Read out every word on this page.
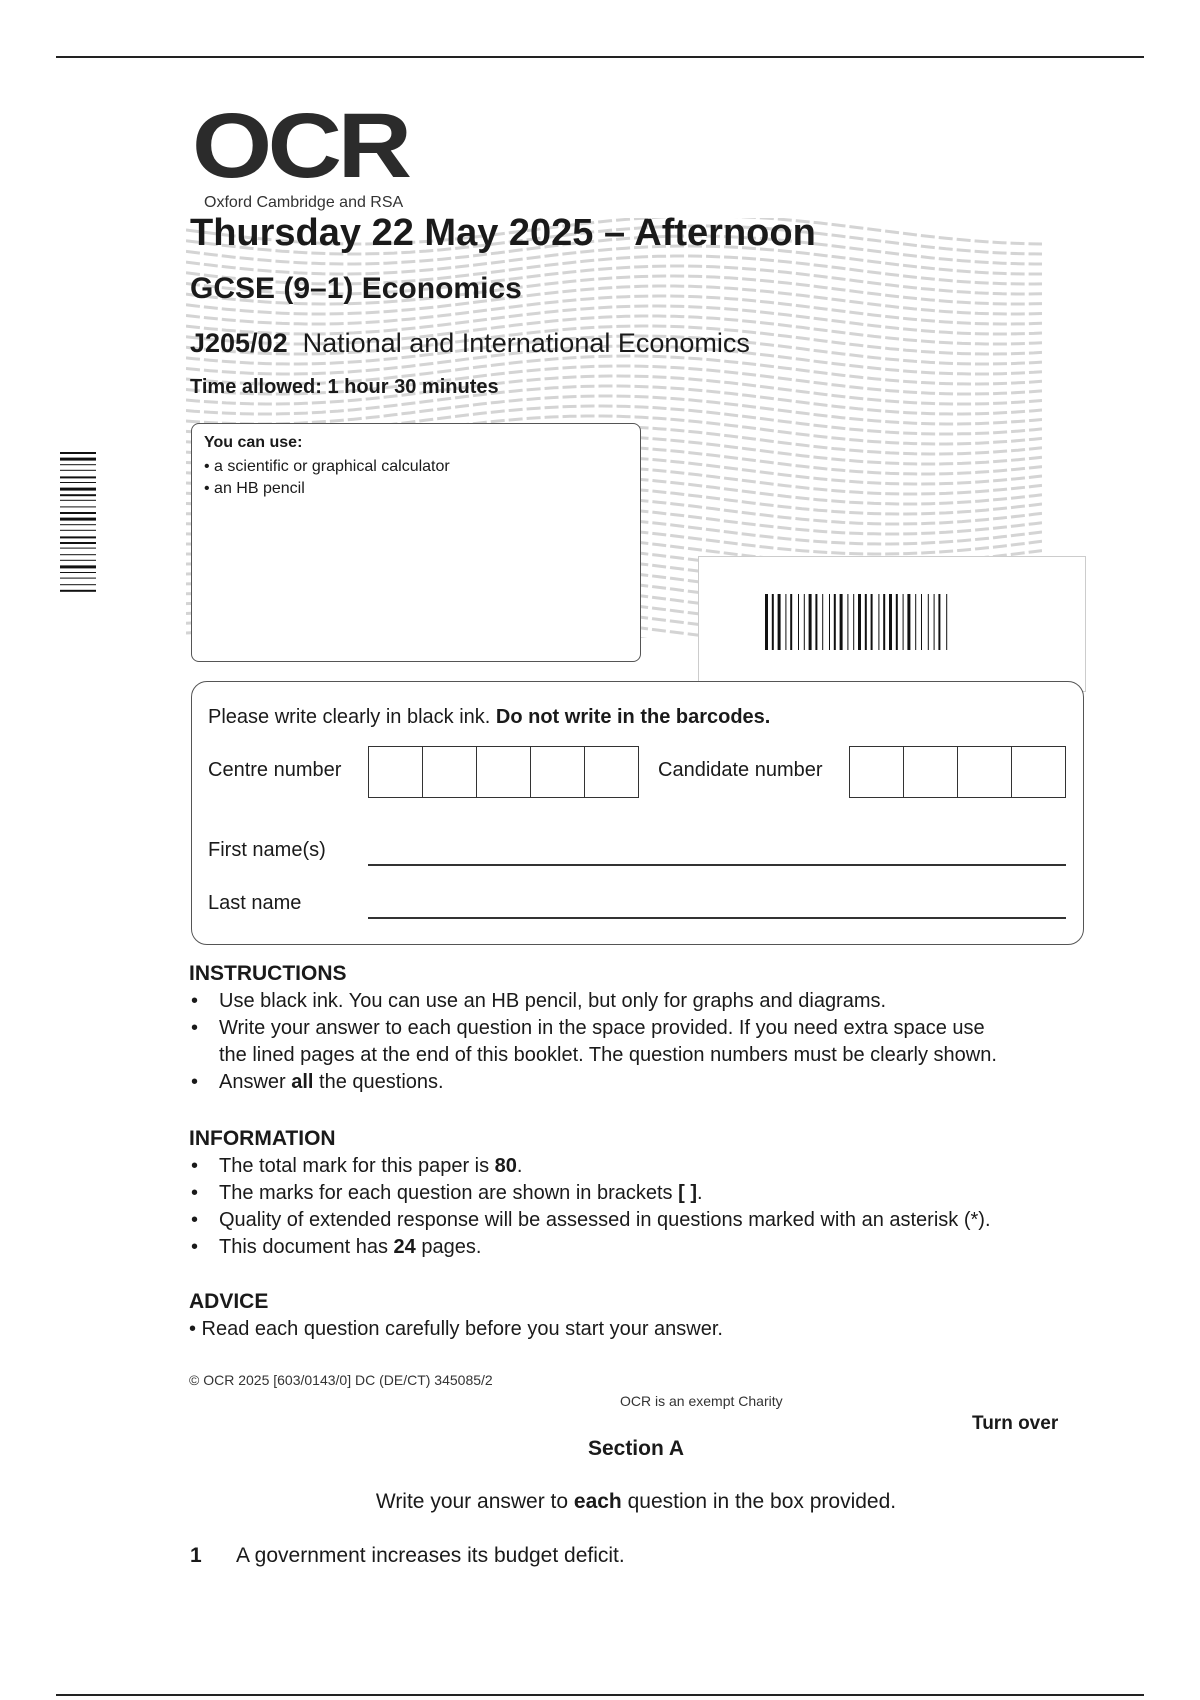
OCR
Oxford Cambridge and RSA
Thursday 22 May 2025 – Afternoon
GCSE (9–1) Economics
J205/02 National and International Economics
Time allowed: 1 hour 30 minutes
You can use:
• a scientific or graphical calculator
• an HB pencil
Please write clearly in black ink. Do not write in the barcodes.
Centre number	Candidate number
First name(s)
Last name
INSTRUCTIONS
• Use black ink. You can use an HB pencil, but only for graphs and diagrams.
• Write your answer to each question in the space provided. If you need extra space use
the lined pages at the end of this booklet. The question numbers must be clearly shown.
• Answer all the questions.
INFORMATION
• The total mark for this paper is 80.
• The marks for each question are shown in brackets [ ].
• Quality of extended response will be assessed in questions marked with an asterisk (*).
• This document has 24 pages.
ADVICE
• Read each question carefully before you start your answer.
© OCR 2025 [603/0143/0] DC (DE/CT) 345085/2
OCR is an exempt Charity
Turn over
Section A
Write your answer to each question in the box provided.
1 A government increases its budget deficit.
